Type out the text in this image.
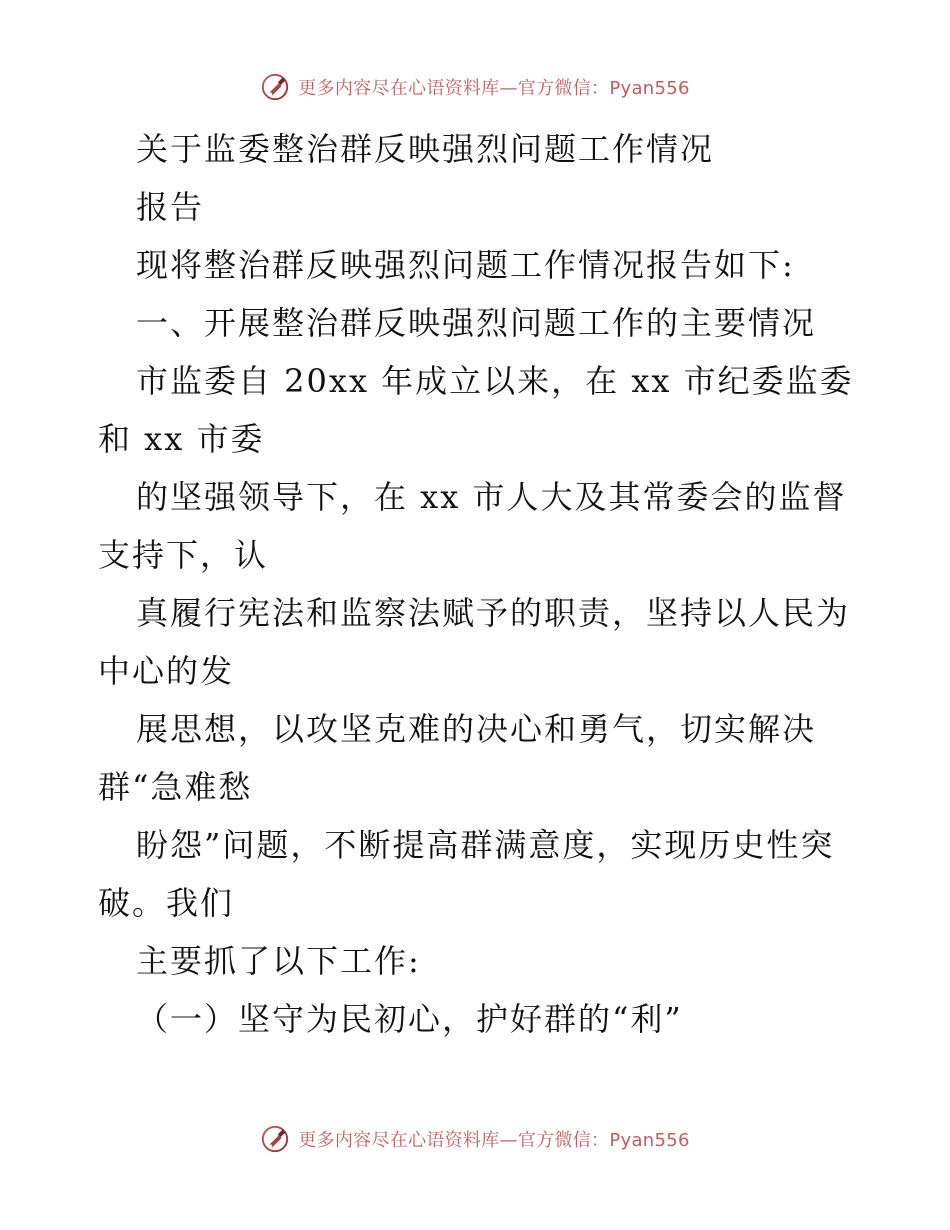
更多内容尽在心语资料库—官方微信：Pyan556
关于监委整治群反映强烈问题工作情况
报告
现将整治群反映强烈问题工作情况报告如下:
一、开展整治群反映强烈问题工作的主要情况
市监委自 20xx 年成立以来，在 xx 市纪委监委
和 xx 市委
的坚强领导下，在 xx 市人大及其常委会的监督
支持下，认
真履行宪法和监察法赋予的职责，坚持以人民为
中心的发
展思想，以攻坚克难的决心和勇气，切实解决
群“急难愁
盼怨”问题，不断提高群满意度，实现历史性突
破。我们
主要抓了以下工作:
（一）坚守为民初心，护好群的“利”
更多内容尽在心语资料库—官方微信：Pyan556
